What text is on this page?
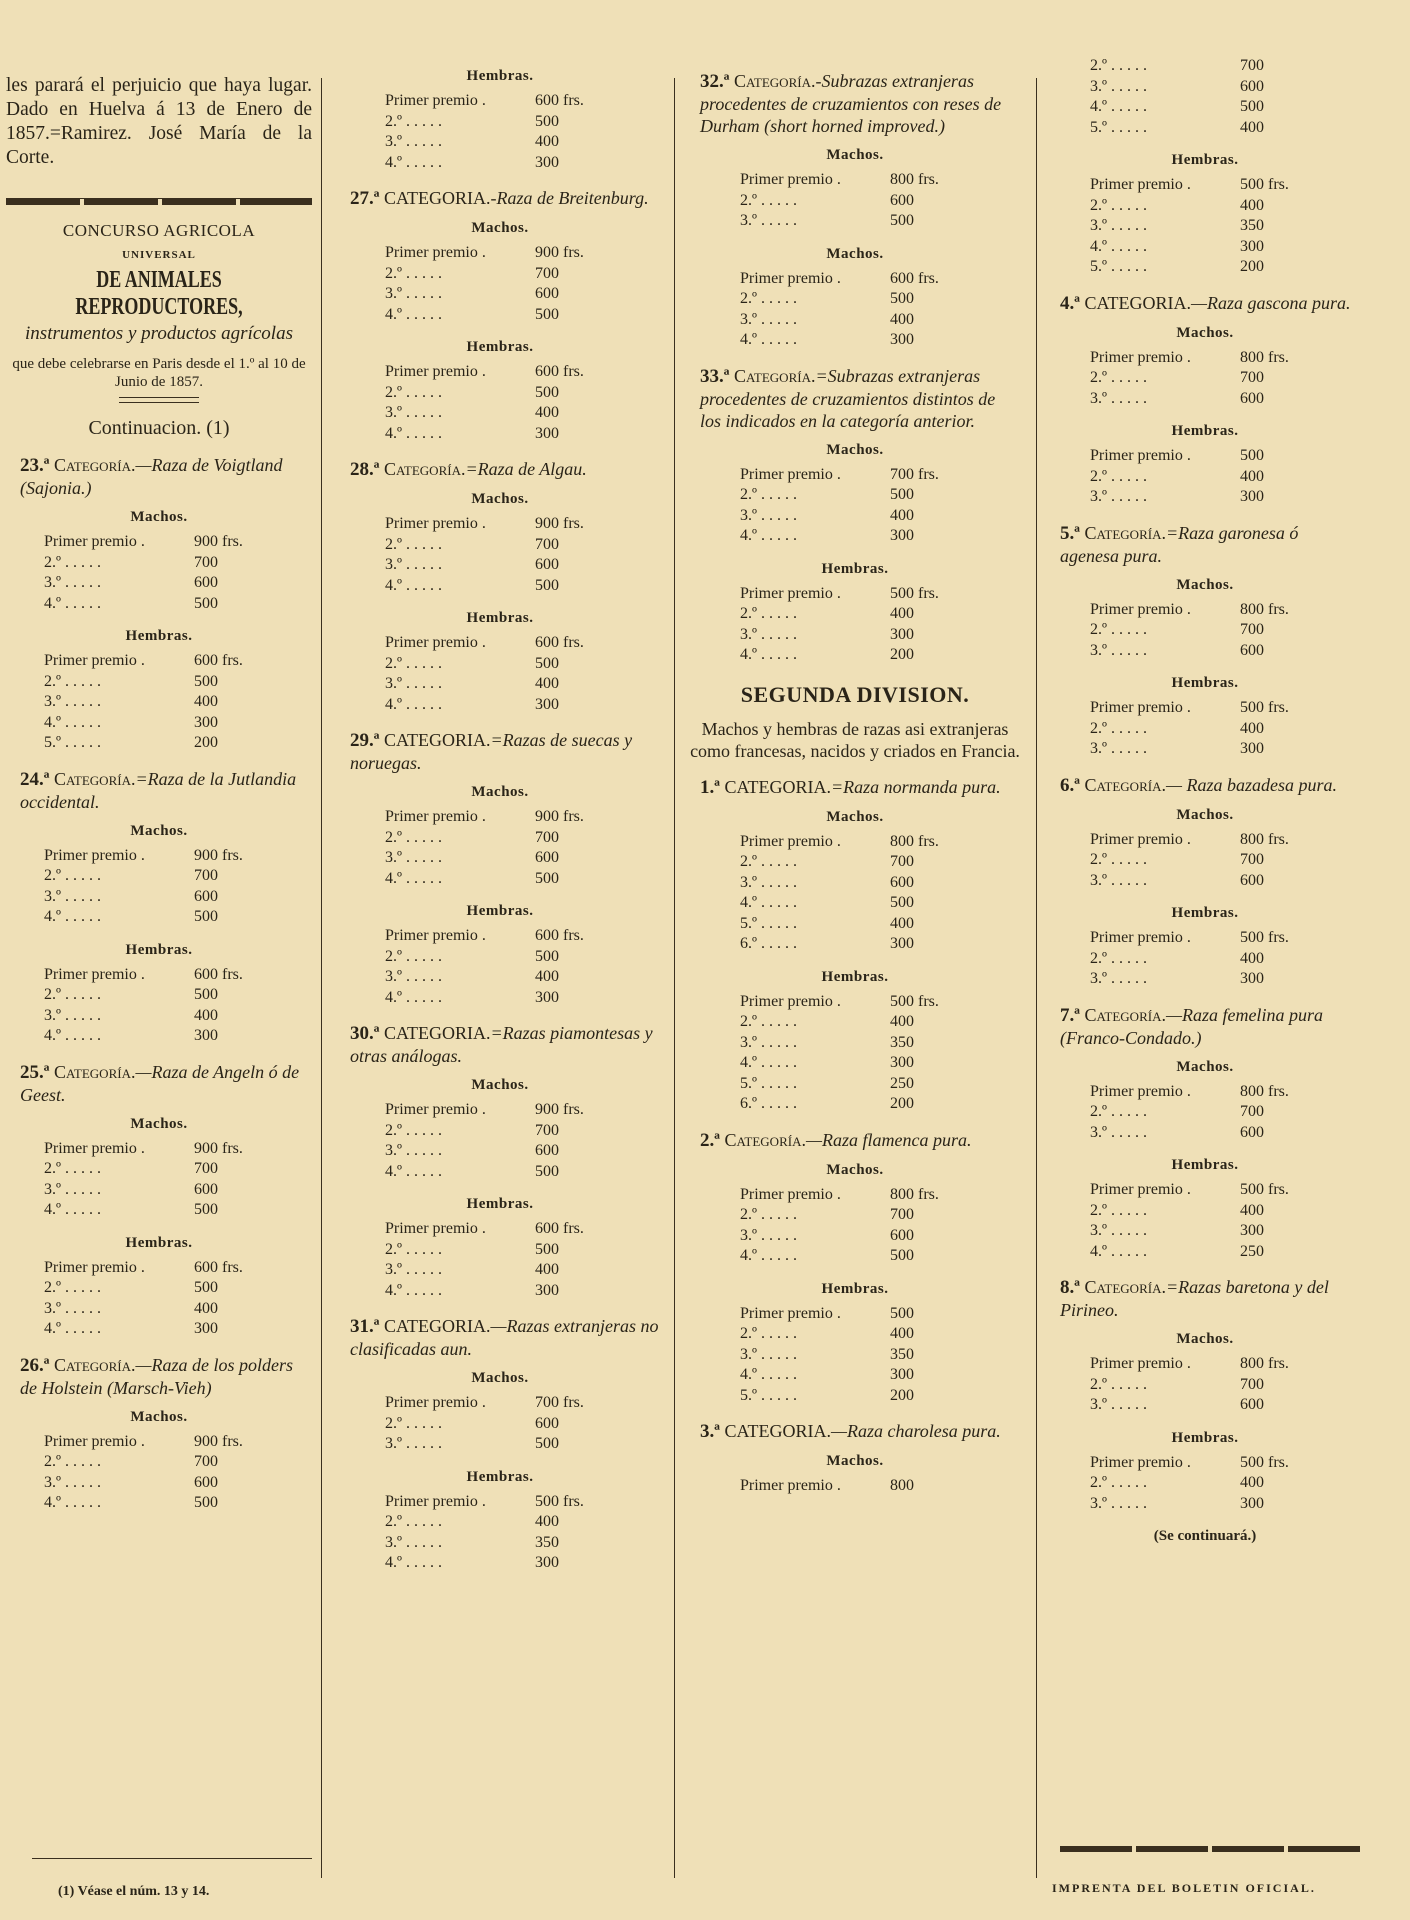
les parará el perjuicio que haya lugar. Dado en Huelva á 13 de Enero de 1857.=Ramirez. José María de la Corte.

CONCURSO AGRICOLA
UNIVERSAL
DE ANIMALES REPRODUCTORES,
instrumentos y productos agrícolas
que debe celebrarse en Paris desde el 1.º al 10 de Junio de 1857.
Continuacion. (1)
23.ª Categoría.—Raza de Voigtland (Sajonia.)
Machos.
Primer premio .	900 frs.
2.º . . . . .	700
3.º . . . . .	600
4.º . . . . .	500
Hembras.
Primer premio .	600 frs.
2.º . . . . .	500
3.º . . . . .	400
4.º . . . . .	300
5.º . . . . .	200
24.ª Categoría.=Raza de la Jutlandia occidental.
Machos.
Primer premio .	900 frs.
2.º . . . . .	700
3.º . . . . .	600
4.º . . . . .	500
Hembras.
Primer premio .	600 frs.
2.º . . . . .	500
3.º . . . . .	400
4.º . . . . .	300
25.ª Categoría.—Raza de Angeln ó de Geest.
Machos.
Primer premio .	900 frs.
2.º . . . . .	700
3.º . . . . .	600
4.º . . . . .	500
Hembras.
Primer premio .	600 frs.
2.º . . . . .	500
3.º . . . . .	400
4.º . . . . .	300
26.ª Categoría.—Raza de los polders de Holstein (Marsch-Vieh)
Machos.
Primer premio .	900 frs.
2.º . . . . .	700
3.º . . . . .	600
4.º . . . . .	500
Hembras.
Primer premio .	600 frs.
2.º . . . . .	500
3.º . . . . .	400
4.º . . . . .	300
27.ª CATEGORIA.-Raza de Breitenburg.
Machos.
Primer premio .	900 frs.
2.º . . . . .	700
3.º . . . . .	600
4.º . . . . .	500
Hembras.
Primer premio .	600 frs.
2.º . . . . .	500
3.º . . . . .	400
4.º . . . . .	300
28.ª Categoría.=Raza de Algau.
Machos.
Primer premio .	900 frs.
2.º . . . . .	700
3.º . . . . .	600
4.º . . . . .	500
Hembras.
Primer premio .	600 frs.
2.º . . . . .	500
3.º . . . . .	400
4.º . . . . .	300
29.ª CATEGORIA.=Razas de suecas y noruegas.
Machos.
Primer premio .	900 frs.
2.º . . . . .	700
3.º . . . . .	600
4.º . . . . .	500
Hembras.
Primer premio .	600 frs.
2.º . . . . .	500
3.º . . . . .	400
4.º . . . . .	300
30.ª CATEGORIA.=Razas piamontesas y otras análogas.
Machos.
Primer premio .	900 frs.
2.º . . . . .	700
3.º . . . . .	600
4.º . . . . .	500
Hembras.
Primer premio .	600 frs.
2.º . . . . .	500
3.º . . . . .	400
4.º . . . . .	300
31.ª CATEGORIA.—Razas extranjeras no clasificadas aun.
Machos.
Primer premio .	700 frs.
2.º . . . . .	600
3.º . . . . .	500
Hembras.
Primer premio .	500 frs.
2.º . . . . .	400
3.º . . . . .	350
4.º . . . . .	300
32.ª Categoría.-Subrazas extranjeras procedentes de cruzamientos con reses de Durham (short horned improved.)
Machos.
Primer premio .	800 frs.
2.º . . . . .	600
3.º . . . . .	500
Machos.
Primer premio .	600 frs.
2.º . . . . .	500
3.º . . . . .	400
4.º . . . . .	300
33.ª Categoría.=Subrazas extranjeras procedentes de cruzamientos distintos de los indicados en la categoría anterior.
Machos.
Primer premio .	700 frs.
2.º . . . . .	500
3.º . . . . .	400
4.º . . . . .	300
Hembras.
Primer premio .	500 frs.
2.º . . . . .	400
3.º . . . . .	300
4.º . . . . .	200
SEGUNDA DIVISION.
Machos y hembras de razas asi extranjeras como francesas, nacidos y criados en Francia.
1.ª CATEGORIA.=Raza normanda pura.
Machos.
Primer premio .	800 frs.
2.º . . . . .	700
3.º . . . . .	600
4.º . . . . .	500
5.º . . . . .	400
6.º . . . . .	300
Hembras.
Primer premio .	500 frs.
2.º . . . . .	400
3.º . . . . .	350
4.º . . . . .	300
5.º . . . . .	250
6.º . . . . .	200
2.ª Categoría.—Raza flamenca pura.
Machos.
Primer premio .	800 frs.
2.º . . . . .	700
3.º . . . . .	600
4.º . . . . .	500
Hembras.
Primer premio .	500
2.º . . . . .	400
3.º . . . . .	350
4.º . . . . .	300
5.º . . . . .	200
3.ª CATEGORIA.—Raza charolesa pura.
Machos.
Primer premio .	800
2.º . . . . .	700
3.º . . . . .	600
4.º . . . . .	500
5.º . . . . .	400
Hembras.
Primer premio .	500 frs.
2.º . . . . .	400
3.º . . . . .	350
4.º . . . . .	300
5.º . . . . .	200
4.ª CATEGORIA.—Raza gascona pura.
Machos.
Primer premio .	800 frs.
2.º . . . . .	700
3.º . . . . .	600
Hembras.
Primer premio .	500
2.º . . . . .	400
3.º . . . . .	300
5.ª Categoría.=Raza garonesa ó agenesa pura.
Machos.
Primer premio .	800 frs.
2.º . . . . .	700
3.º . . . . .	600
Hembras.
Primer premio .	500 frs.
2.º . . . . .	400
3.º . . . . .	300
6.ª Categoría.— Raza bazadesa pura.
Machos.
Primer premio .	800 frs.
2.º . . . . .	700
3.º . . . . .	600
Hembras.
Primer premio .	500 frs.
2.º . . . . .	400
3.º . . . . .	300
7.ª Categoría.—Raza femelina pura (Franco-Condado.)
Machos.
Primer premio .	800 frs.
2.º . . . . .	700
3.º . . . . .	600
Hembras.
Primer premio .	500 frs.
2.º . . . . .	400
3.º . . . . .	300
4.º . . . . .	250
8.ª Categoría.=Razas baretona y del Pirineo.
Machos.
Primer premio .	800 frs.
2.º . . . . .	700
3.º . . . . .	600
Hembras.
Primer premio .	500 frs.
2.º . . . . .	400
3.º . . . . .	300
(Se continuará.)
(1) Véase el núm. 13 y 14.	IMPRENTA DEL BOLETIN OFICIAL.
